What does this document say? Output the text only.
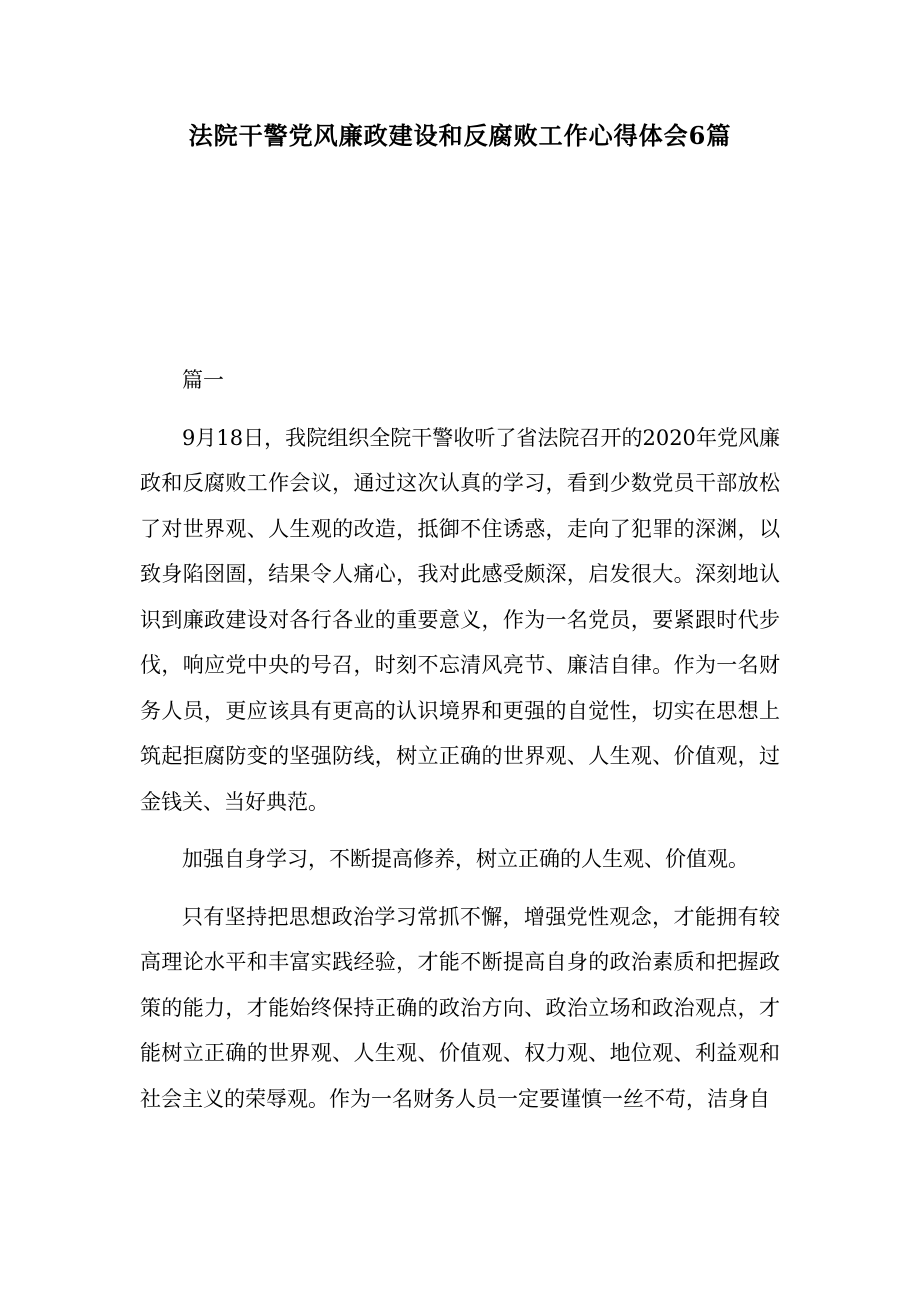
法院干警党风廉政建设和反腐败工作心得体会6篇

篇一

9月18日，我院组织全院干警收听了省法院召开的2020年党风廉政和反腐败工作会议，通过这次认真的学习，看到少数党员干部放松了对世界观、人生观的改造，抵御不住诱惑，走向了犯罪的深渊，以致身陷囹圄，结果令人痛心，我对此感受颇深，启发很大。深刻地认识到廉政建设对各行各业的重要意义，作为一名党员，要紧跟时代步伐，响应党中央的号召，时刻不忘清风亮节、廉洁自律。作为一名财务人员，更应该具有更高的认识境界和更强的自觉性，切实在思想上筑起拒腐防变的坚强防线，树立正确的世界观、人生观、价值观，过金钱关、当好典范。

加强自身学习，不断提高修养，树立正确的人生观、价值观。

只有坚持把思想政治学习常抓不懈，增强党性观念，才能拥有较高理论水平和丰富实践经验，才能不断提高自身的政治素质和把握政策的能力，才能始终保持正确的政治方向、政治立场和政治观点，才能树立正确的世界观、人生观、价值观、权力观、地位观、利益观和社会主义的荣辱观。作为一名财务人员一定要谨慎一丝不苟，洁身自
